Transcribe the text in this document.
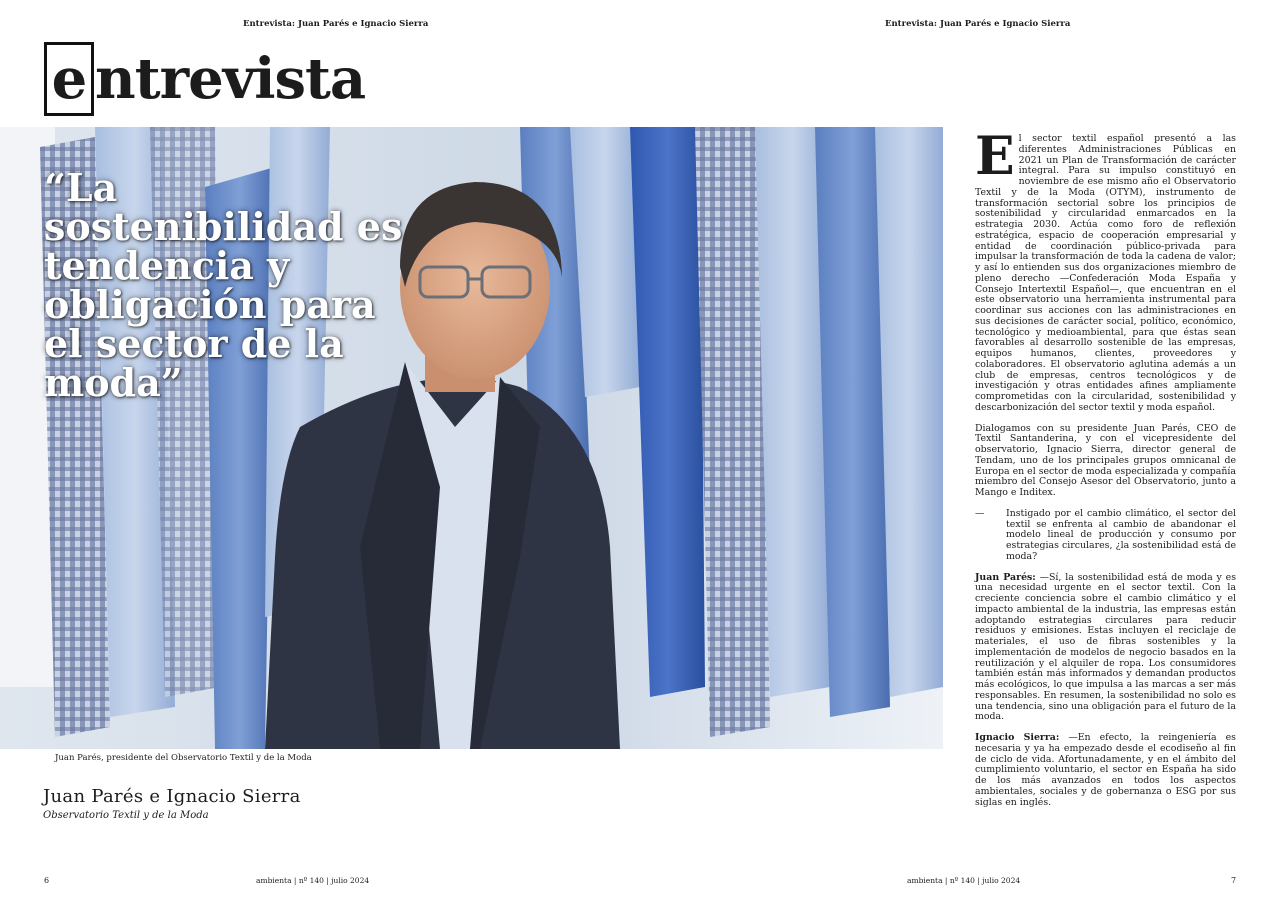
Entrevista: Juan Parés e Ignacio Sierra	Entrevista: Juan Parés e Ignacio Sierra
e ntrevista
“La sostenibilidad es tendencia y obligación para el sector de la moda”
Juan Parés, presidente del Observatorio Textil y de la Moda
Juan Parés e Ignacio Sierra
Observatorio Textil y de la Moda

El sector textil español presentó a las diferentes Administraciones Públicas en 2021 un Plan de Transformación de carácter integral. Para su impulso constituyó en noviembre de ese mismo año el Observatorio Textil y de la Moda (OTYM), instrumento de transformación sectorial sobre los principios de sostenibilidad y circularidad enmarcados en la estrategia 2030. Actúa como foro de reflexión estratégica, espacio de cooperación empresarial y entidad de coordinación público-privada para impulsar la transformación de toda la cadena de valor; y así lo entienden sus dos organizaciones miembro de pleno derecho —Confederación Moda España y Consejo Intertextil Español—, que encuentran en el este observatorio una herramienta instrumental para coordinar sus acciones con las administraciones en sus decisiones de carácter social, político, económico, tecnológico y medioambiental, para que éstas sean favorables al desarrollo sostenible de las empresas, equipos humanos, clientes, proveedores y colaboradores. El observatorio aglutina además a un club de empresas, centros tecnológicos y de investigación y otras entidades afines ampliamente comprometidas con la circularidad, sostenibilidad y descarbonización del sector textil y moda español.

Dialogamos con su presidente Juan Parés, CEO de Textil Santanderina, y con el vicepresidente del observatorio, Ignacio Sierra, director general de Tendam, uno de los principales grupos omnicanal de Europa en el sector de moda especializada y compañía miembro del Consejo Asesor del Observatorio, junto a Mango e Inditex.

—	Instigado por el cambio climático, el sector del textil se enfrenta al cambio de abandonar el modelo lineal de producción y consumo por estrategias circulares, ¿la sostenibilidad está de moda?

Juan Parés: —Sí, la sostenibilidad está de moda y es una necesidad urgente en el sector textil. Con la creciente conciencia sobre el cambio climático y el impacto ambiental de la industria, las empresas están adoptando estrategias circulares para reducir residuos y emisiones. Estas incluyen el reciclaje de materiales, el uso de fibras sostenibles y la implementación de modelos de negocio basados en la reutilización y el alquiler de ropa. Los consumidores también están más informados y demandan productos más ecológicos, lo que impulsa a las marcas a ser más responsables. En resumen, la sostenibilidad no solo es una tendencia, sino una obligación para el futuro de la moda.

Ignacio Sierra: —En efecto, la reingeniería es necesaria y ya ha empezado desde el ecodiseño al fin de ciclo de vida. Afortunadamente, y en el ámbito del cumplimiento voluntario, el sector en España ha sido de los más avanzados en todos los aspectos ambientales, sociales y de gobernanza o ESG por sus siglas en inglés.

6	ambienta | nº 140 | julio 2024	ambienta | nº 140 | julio 2024	7
